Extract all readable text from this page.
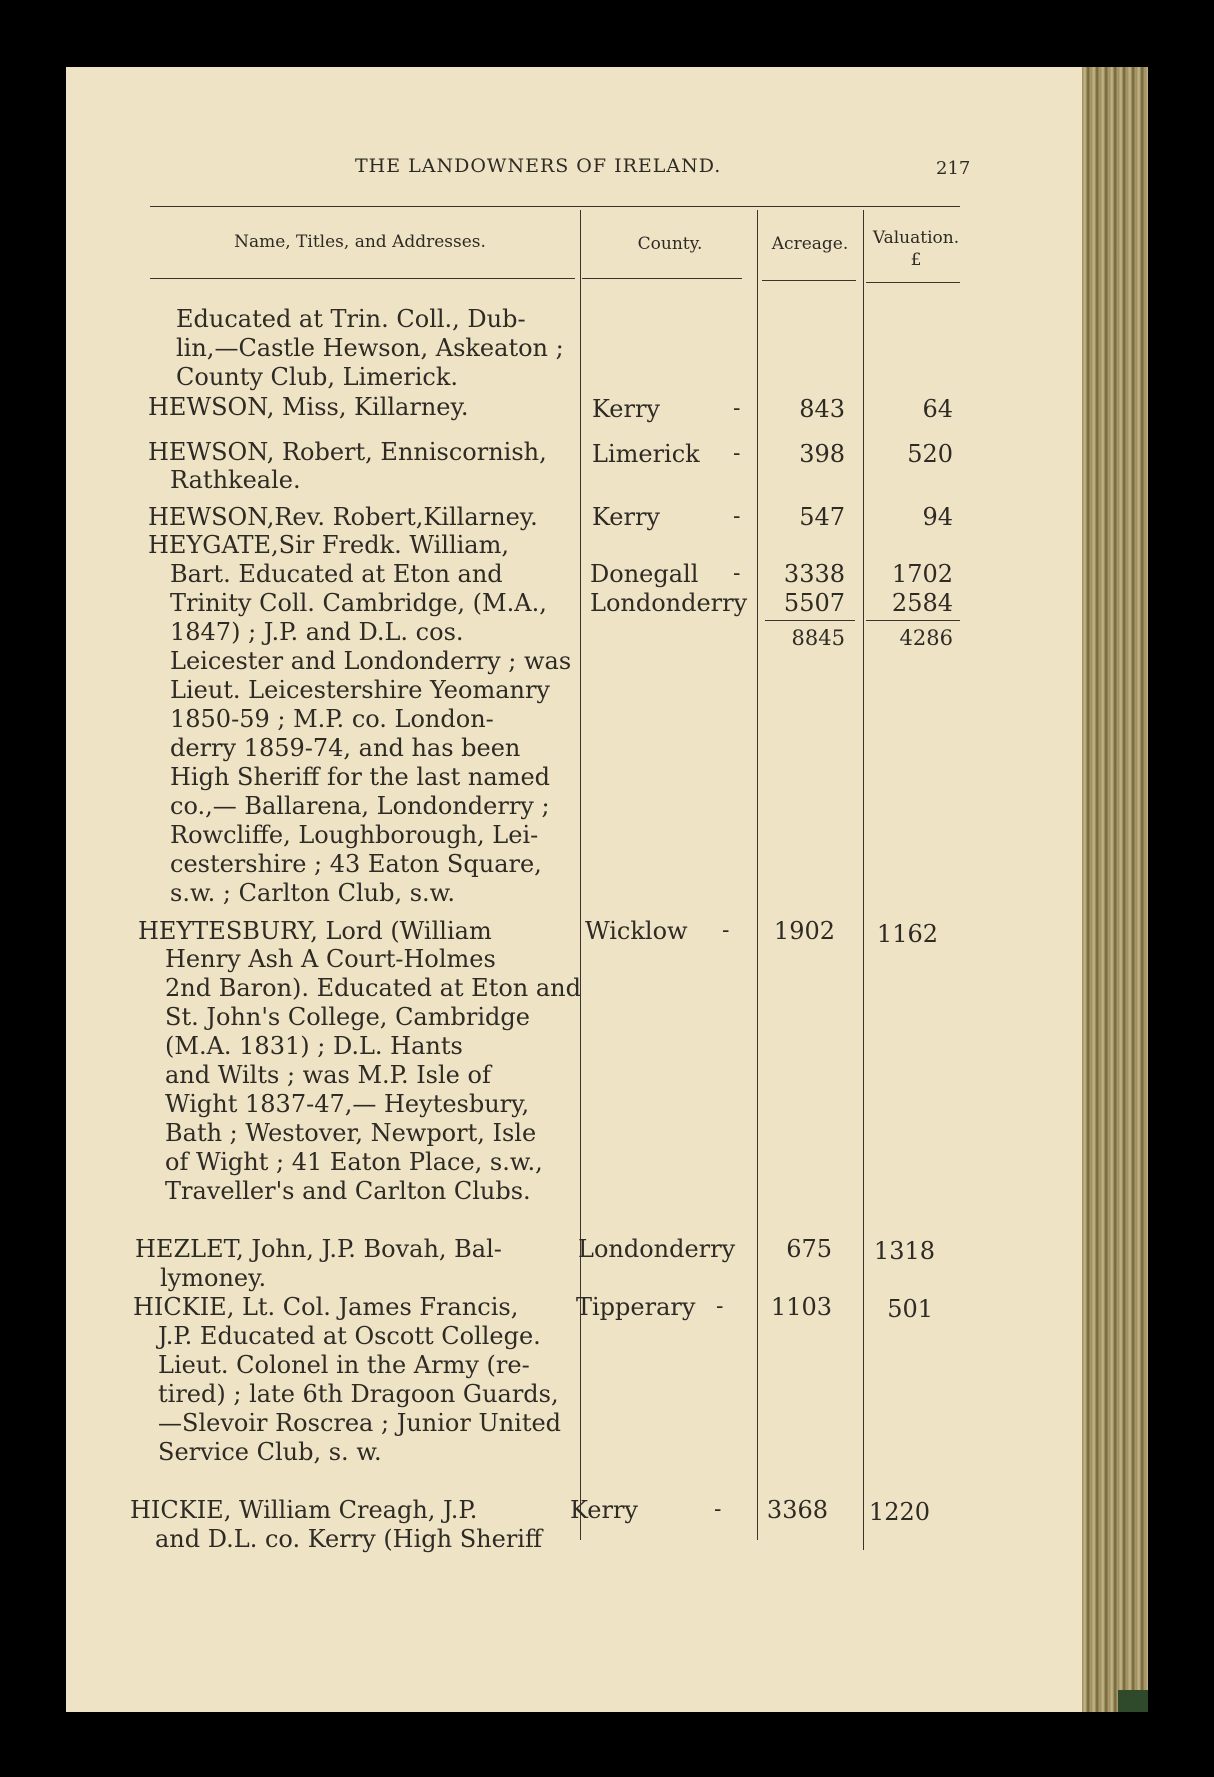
THE LANDOWNERS OF IRELAND.	217
Name, Titles, and Addresses.	County.	Acreage.	Valuation.
£
Educated at Trin. Coll., Dub-
lin,—Castle Hewson, Askeaton ;
County Club, Limerick.
HEWSON, Miss, Killarney.	Kerry	-	843	64
HEWSON, Robert, Enniscornish,
Rathkeale.
Limerick -	398	520
HEWSON,Rev. Robert,Killarney. Kerry	-	547	94
HEYGATE,Sir Fredk. William,
Bart. Educated at Eton and
Trinity Coll. Cambridge, (M.A.,
1847) ; J.P. and D.L. cos.
Leicester and Londonderry ; was
Lieut. Leicestershire Yeomanry
1850-59 ; M.P. co. London-
derry 1859-74, and has been
High Sheriff for the last named
co.,— Ballarena, Londonderry ;
Rowcliffe, Loughborough, Lei-
cestershire ; 43 Eaton Square,
s.w. ; Carlton Club, s.w.
Donegall -	3338	1702
Londonderry	5507	2584
8845	4286
HEYTESBURY, Lord (William
Henry Ash A Court-Holmes
2nd Baron). Educated at Eton and
St. John's College, Cambridge
(M.A. 1831) ; D.L. Hants
and Wilts ; was M.P. Isle of
Wight 1837-47,— Heytesbury,
Bath ; Westover, Newport, Isle
of Wight ; 41 Eaton Place, s.w.,
Traveller's and Carlton Clubs.
Wicklow -	1902	1162
HEZLET, John, J.P. Bovah, Bal-
lymoney.
Londonderry	675	1318
HICKIE, Lt. Col. James Francis,
J.P. Educated at Oscott College.
Lieut. Colonel in the Army (re-
tired) ; late 6th Dragoon Guards,
—Slevoir Roscrea ; Junior United
Service Club, s. w.
Tipperary -	1103	501
HICKIE, William Creagh, J.P.
and D.L. co. Kerry (High Sheriff
Kerry	-	3368	1220
